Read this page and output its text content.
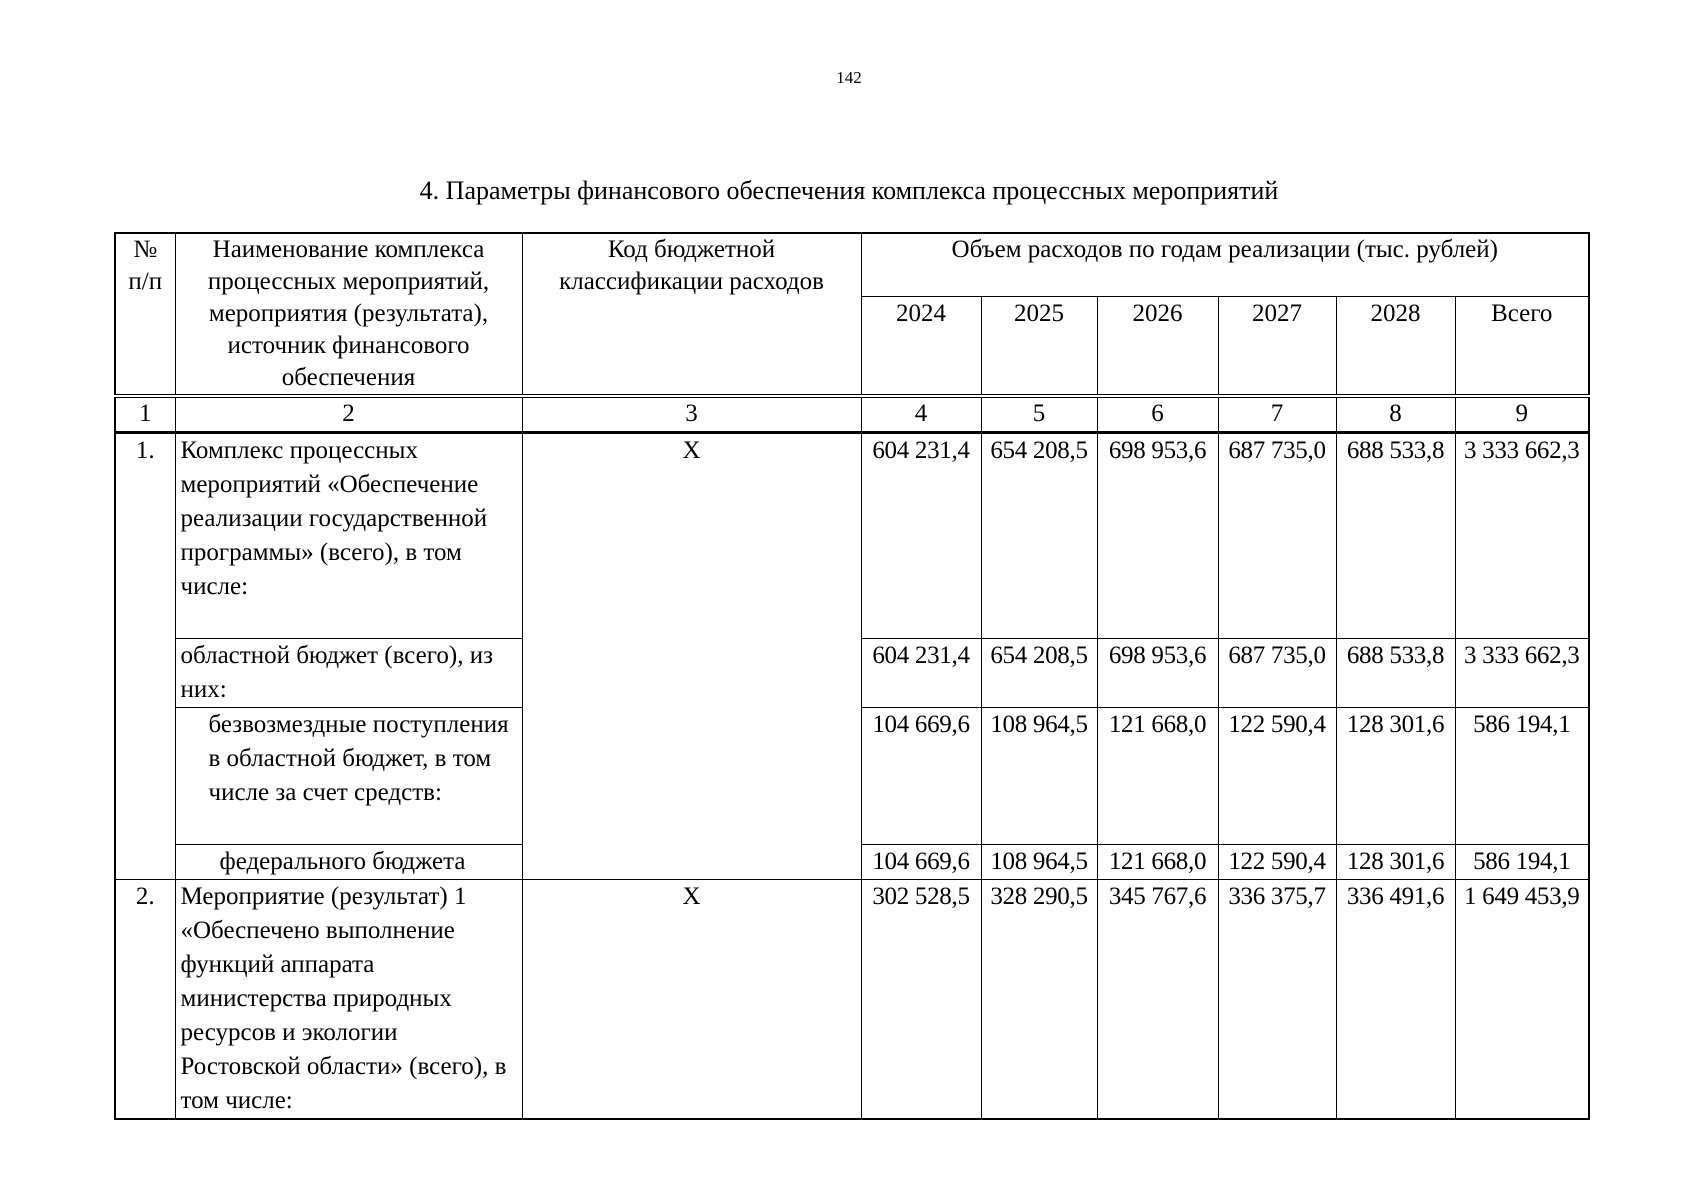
142
4. Параметры финансового обеспечения комплекса процессных мероприятий
№
п/п	Наименование комплекса процессных мероприятий, мероприятия (результата), источник финансового обеспечения	Код бюджетной классификации расходов	Объем расходов по годам реализации (тыс. рублей)					
			2024	2025	2026	2027	2028	Всего
1	2	3	4	5	6	7	8	9
1.	Комплекс процессных мероприятий «Обеспечение реализации государственной программы» (всего), в том числе:	X	604 231,4	654 208,5	698 953,6	687 735,0	688 533,8	3 333 662,3
	областной бюджет (всего), из них:		604 231,4	654 208,5	698 953,6	687 735,0	688 533,8	3 333 662,3
	безвозмездные поступления в областной бюджет, в том числе за счет средств:		104 669,6	108 964,5	121 668,0	122 590,4	128 301,6	586 194,1
	федерального бюджета		104 669,6	108 964,5	121 668,0	122 590,4	128 301,6	586 194,1
2.	Мероприятие (результат) 1 «Обеспечено выполнение функций аппарата министерства природных ресурсов и экологии Ростовской области» (всего), в том числе:	X	302 528,5	328 290,5	345 767,6	336 375,7	336 491,6	1 649 453,9
